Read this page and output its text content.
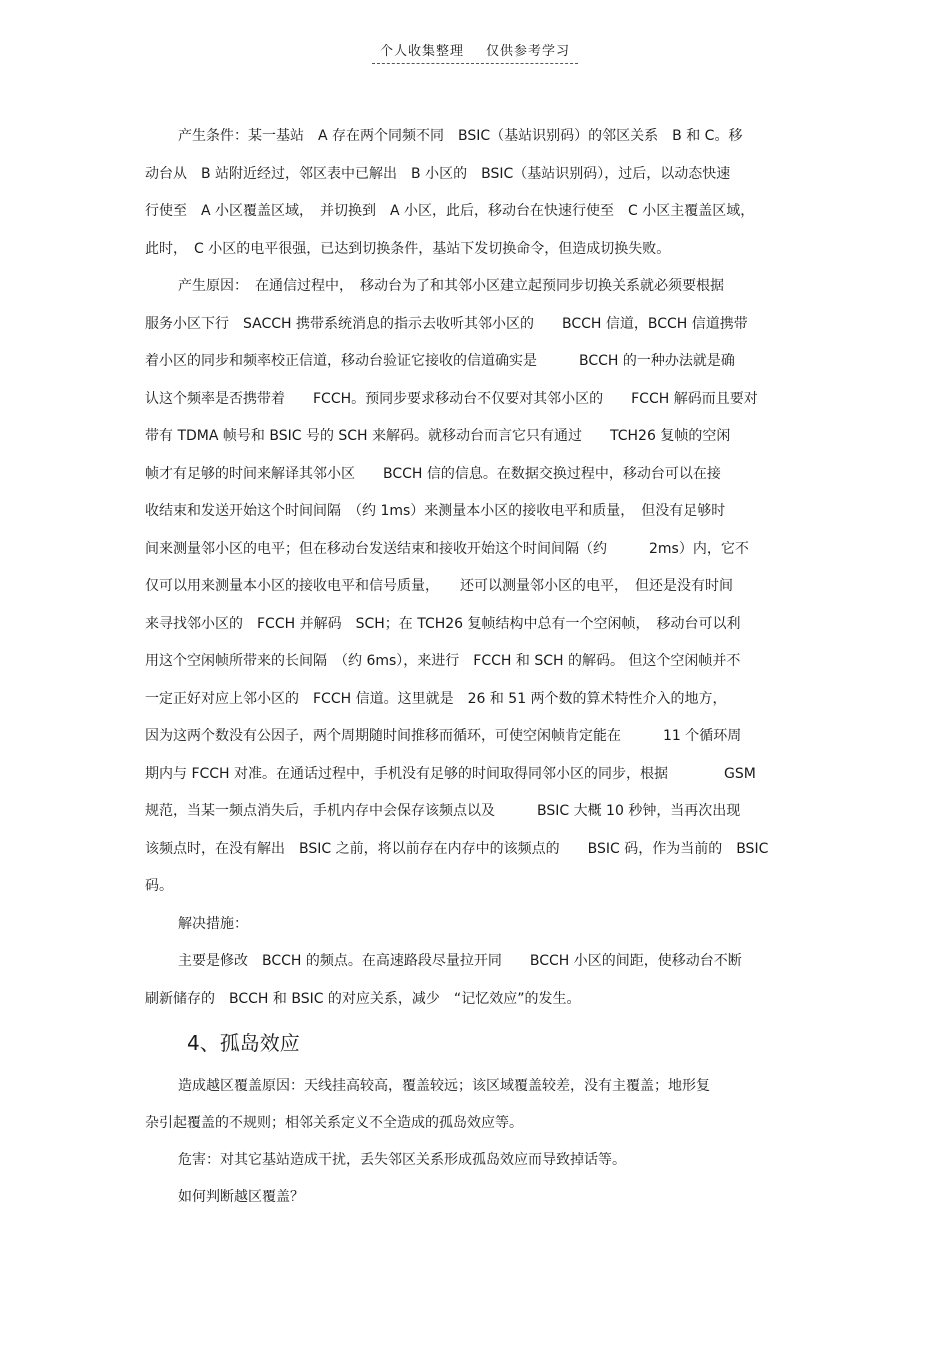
个人收集整理 仅供参考学习
产生条件：某一基站　A 存在两个同频不同　BSIC（基站识别码）的邻区关系　B 和 C。移
动台从　B 站附近经过，邻区表中已解出　B 小区的　BSIC（基站识别码），过后，以动态快速
行使至　A 小区覆盖区域，　并切换到　A 小区，此后，移动台在快速行使至　C 小区主覆盖区域，
此时，　C 小区的电平很强，已达到切换条件，基站下发切换命令，但造成切换失败。
产生原因：　在通信过程中，　移动台为了和其邻小区建立起预同步切换关系就必须要根据
服务小区下行　SACCH 携带系统消息的指示去收听其邻小区的　　BCCH 信道，BCCH 信道携带
着小区的同步和频率校正信道，移动台验证它接收的信道确实是　　　BCCH 的一种办法就是确
认这个频率是否携带着　　FCCH。预同步要求移动台不仅要对其邻小区的　　FCCH 解码而且要对
带有 TDMA 帧号和 BSIC 号的 SCH 来解码。就移动台而言它只有通过　　TCH26 复帧的空闲
帧才有足够的时间来解译其邻小区　　BCCH 信的信息。在数据交换过程中，移动台可以在接
收结束和发送开始这个时间间隔　（约 1ms）来测量本小区的接收电平和质量，　但没有足够时
间来测量邻小区的电平；但在移动台发送结束和接收开始这个时间间隔（约　　　2ms）内，它不
仅可以用来测量本小区的接收电平和信号质量，　　还可以测量邻小区的电平，　但还是没有时间
来寻找邻小区的　FCCH 并解码　SCH；在 TCH26 复帧结构中总有一个空闲帧，　移动台可以利
用这个空闲帧所带来的长间隔　（约 6ms），来进行　FCCH 和 SCH 的解码。 但这个空闲帧并不
一定正好对应上邻小区的　FCCH 信道。这里就是　26 和 51 两个数的算术特性介入的地方，
因为这两个数没有公因子，两个周期随时间推移而循环，可使空闲帧肯定能在　　　11 个循环周
期内与 FCCH 对准。在通话过程中，手机没有足够的时间取得同邻小区的同步，根据　　　　GSM
规范，当某一频点消失后，手机内存中会保存该频点以及　　　BSIC 大概 10 秒钟，当再次出现
该频点时，在没有解出　BSIC 之前，将以前存在内存中的该频点的　　BSIC 码，作为当前的　BSIC
码。
解决措施：
主要是修改　BCCH 的频点。在高速路段尽量拉开同　　BCCH 小区的间距，使移动台不断
刷新储存的　BCCH 和 BSIC 的对应关系，减少　“记忆效应”的发生。
4、孤岛效应
造成越区覆盖原因：天线挂高较高，覆盖较远；该区域覆盖较差，没有主覆盖；地形复
杂引起覆盖的不规则；相邻关系定义不全造成的孤岛效应等。
危害：对其它基站造成干扰，丢失邻区关系形成孤岛效应而导致掉话等。
如何判断越区覆盖？
